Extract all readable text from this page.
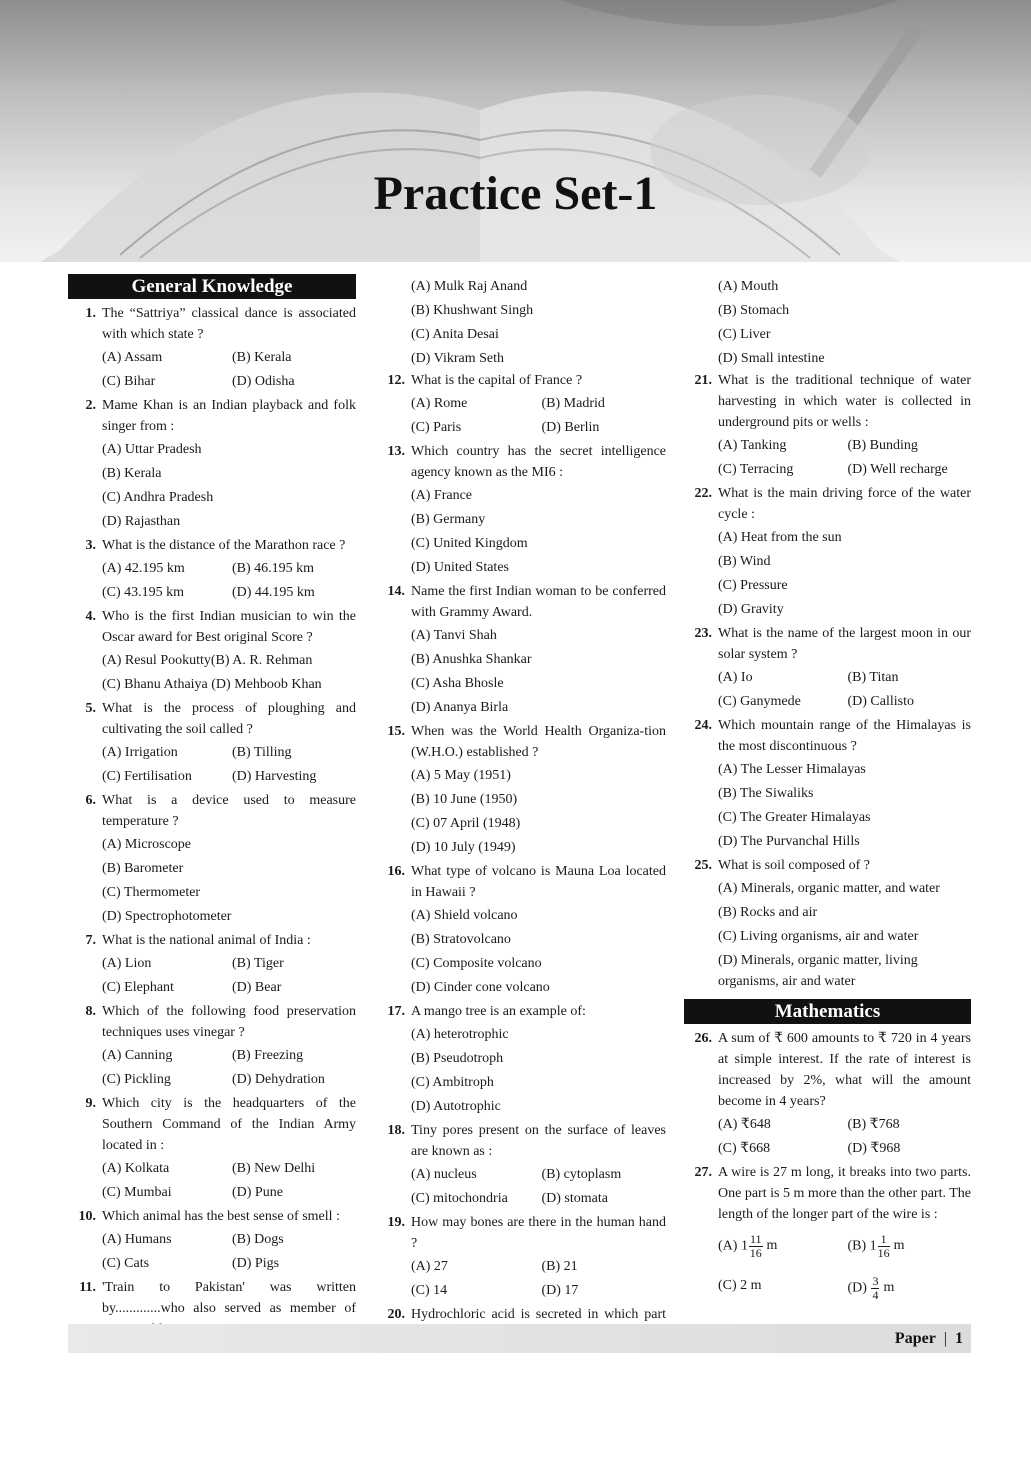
Practice Set-1
General Knowledge
1. The “Sattriya” classical dance is associated with which state ?
(A) Assam	(B) Kerala
(C) Bihar	(D) Odisha
2. Mame Khan is an Indian playback and folk singer from :
(A) Uttar Pradesh
(B) Kerala
(C) Andhra Pradesh
(D) Rajasthan
3. What is the distance of the Marathon race ?
(A) 42.195 km	(B) 46.195 km
(C) 43.195 km	(D) 44.195 km
4. Who is the first Indian musician to win the Oscar award for Best original Score ?
(A) Resul Pookutty(B) A. R. Rehman
(C) Bhanu Athaiya (D) Mehboob Khan
5. What is the process of ploughing and cultivating the soil called ?
(A) Irrigation	(B) Tilling
(C) Fertilisation	(D) Harvesting
6. What is a device used to measure temperature ?
(A) Microscope
(B) Barometer
(C) Thermometer
(D) Spectrophotometer
7. What is the national animal of India :
(A) Lion	(B) Tiger
(C) Elephant	(D) Bear
8. Which of the following food preservation techniques uses vinegar ?
(A) Canning	(B) Freezing
(C) Pickling	(D) Dehydration
9. Which city is the headquarters of the Southern Command of the Indian Army located in :
(A) Kolkata	(B) New Delhi
(C) Mumbai	(D) Pune
10. Which animal has the best sense of smell :
(A) Humans	(B) Dogs
(C) Cats	(D) Pigs
11. 'Train to Pakistan' was written by.............who also served as member of
(A) Mulk Raj Anand
(B) Khushwant Singh
(C) Anita Desai
(D) Vikram Seth
12. What is the capital of France ?
(A) Rome	(B) Madrid
(C) Paris	(D) Berlin
13. Which country has the secret intelligence agency known as the MI6 :
(A) France
(B) Germany
(C) United Kingdom
(D) United States
14. Name the first Indian woman to be conferred with Grammy Award.
(A) Tanvi Shah
(B) Anushka Shankar
(C) Asha Bhosle
(D) Ananya Birla
15. When was the World Health Organiza-tion (W.H.O.) established ?
(A) 5 May (1951)
(B) 10 June (1950)
(C) 07 April (1948)
(D) 10 July (1949)
16. What type of volcano is Mauna Loa located in Hawaii ?
(A) Shield volcano
(B) Stratovolcano
(C) Composite volcano
(D) Cinder cone volcano
17. A mango tree is an example of:
(A) heterotrophic
(B) Pseudotroph
(C) Ambitroph
(D) Autotrophic
18. Tiny pores present on the surface of leaves are known as :
(A) nucleus	(B) cytoplasm
(C) mitochondria	(D) stomata
19. How may bones are there in the human hand ?
(A) 27	(B) 21
(C) 14	(D) 17
20. Hydrochloric acid is secreted in which part
(A) Mouth
(B) Stomach
(C) Liver
(D) Small intestine
21. What is the traditional technique of water harvesting in which water is collected in underground pits or wells :
(A) Tanking	(B) Bunding
(C) Terracing	(D) Well recharge
22. What is the main driving force of the water cycle :
(A) Heat from the sun
(B) Wind
(C) Pressure
(D) Gravity
23. What is the name of the largest moon in our solar system ?
(A) Io	(B) Titan
(C) Ganymede	(D) Callisto
24. Which mountain range of the Himalayas is the most discontinuous ?
(A) The Lesser Himalayas
(B) The Siwaliks
(C) The Greater Himalayas
(D) The Purvanchal Hills
25. What is soil composed of ?
(A) Minerals, organic matter, and water
(B) Rocks and air
(C) Living organisms, air and water
(D) Minerals, organic matter, living organisms, air and water
Mathematics
26. A sum of ₹ 600 amounts to ₹ 720 in 4 years at simple interest. If the rate of interest is increased by 2%, what will the amount become in 4 years?
(A) ₹648	(B) ₹768
(C) ₹668	(D) ₹968
27. A wire is 27 m long, it breaks into two parts. One part is 5 m more than the other part. The length of the longer part of the wire is :
(A) $1 \frac{11}{16}$ m	(B) $1 \frac{1}{16}$ m
(C) 2 m	$(D) \frac{3}{4}$ m
Paper | 1
